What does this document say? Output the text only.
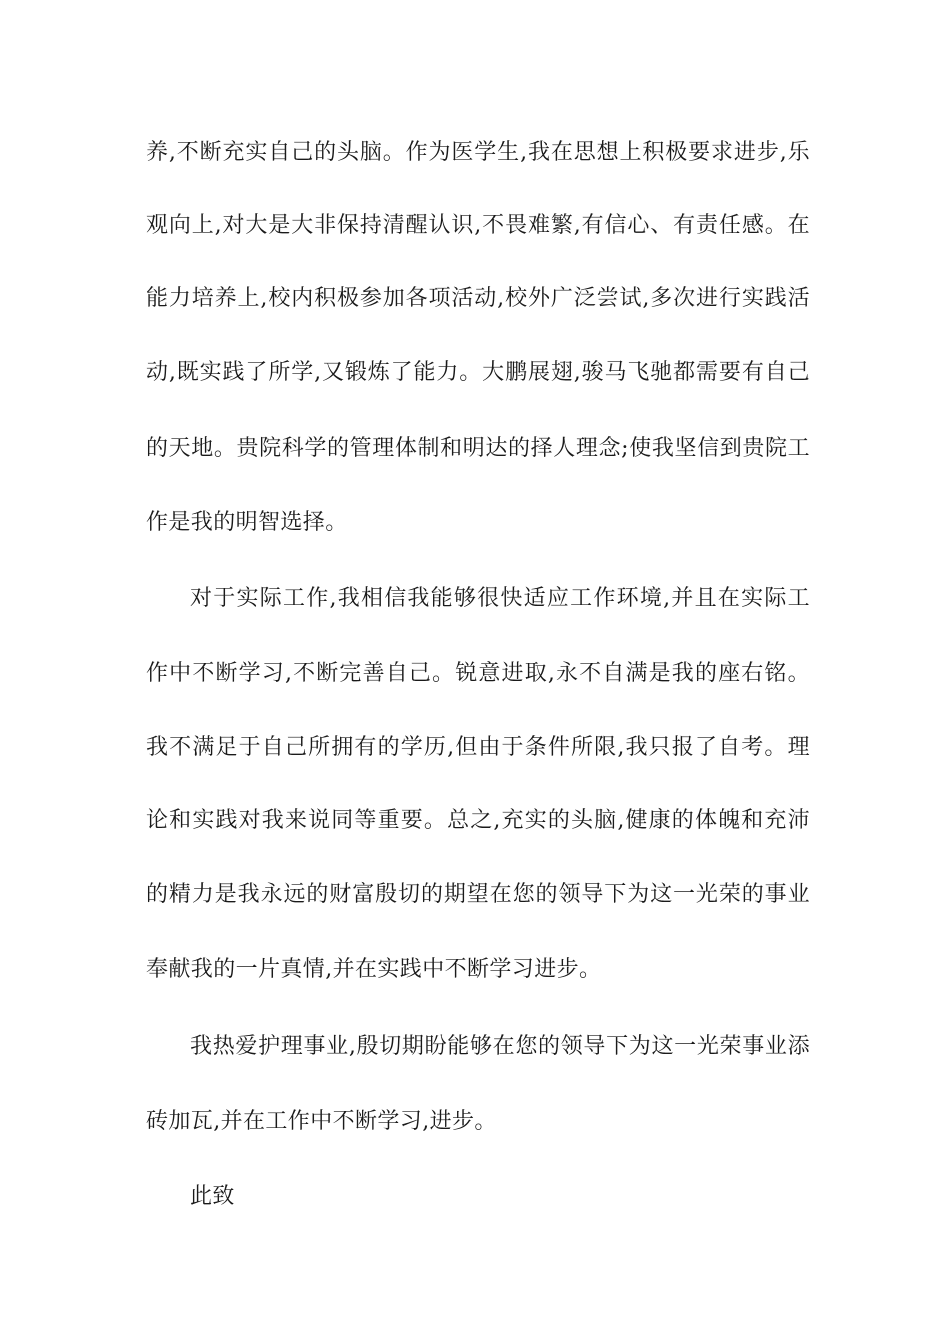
养,不断充实自己的头脑。作为医学生,我在思想上积极要求进步,乐
观向上,对大是大非保持清醒认识,不畏难繁,有信心、有责任感。在
能力培养上,校内积极参加各项活动,校外广泛尝试,多次进行实践活
动,既实践了所学,又锻炼了能力。大鹏展翅,骏马飞驰都需要有自己
的天地。贵院科学的管理体制和明达的择人理念;使我坚信到贵院工
作是我的明智选择。
对于实际工作,我相信我能够很快适应工作环境,并且在实际工
作中不断学习,不断完善自己。锐意进取,永不自满是我的座右铭。
我不满足于自己所拥有的学历,但由于条件所限,我只报了自考。理
论和实践对我来说同等重要。总之,充实的头脑,健康的体魄和充沛
的精力是我永远的财富殷切的期望在您的领导下为这一光荣的事业
奉献我的一片真情,并在实践中不断学习进步。
我热爱护理事业,殷切期盼能够在您的领导下为这一光荣事业添
砖加瓦,并在工作中不断学习,进步。
此致
